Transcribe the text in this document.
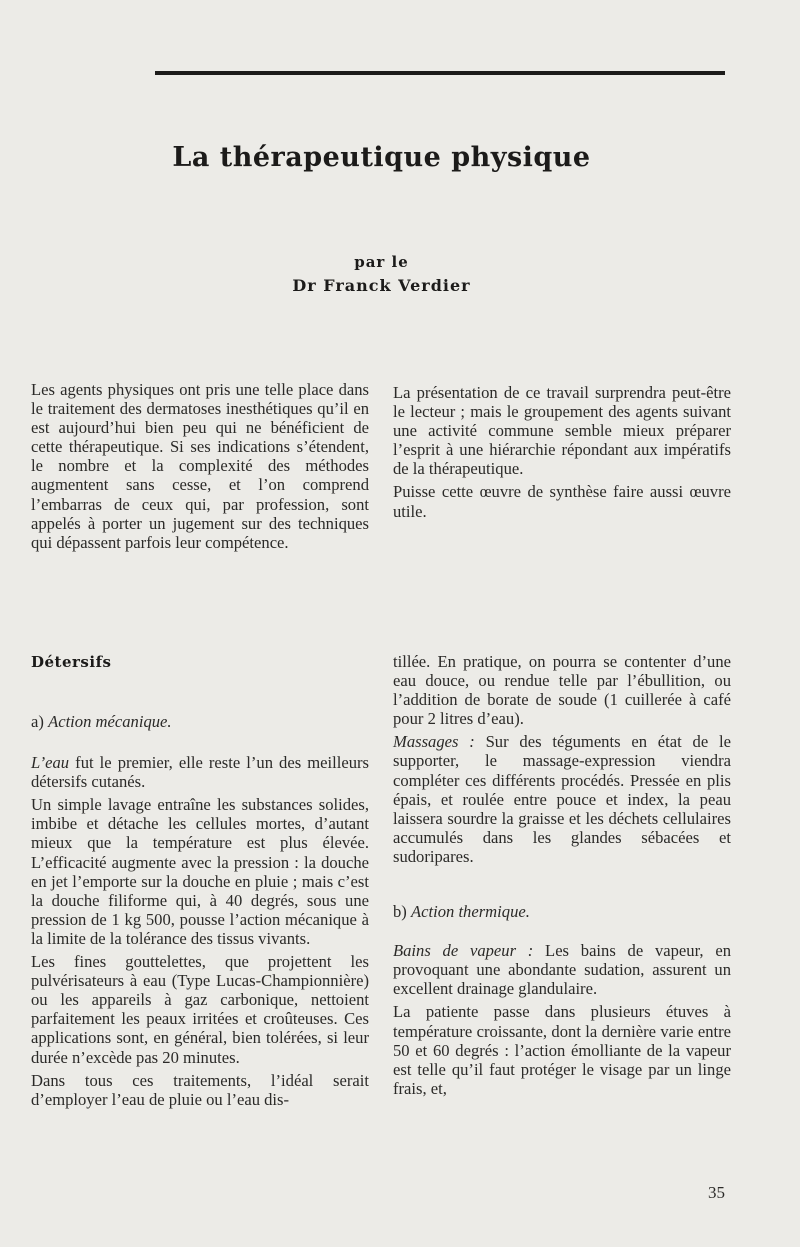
La thérapeutique physique
par le
Dr Franck Verdier

Les agents physiques ont pris une telle place dans le traitement des dermatoses inesthétiques qu’il en est aujourd’hui bien peu qui ne bénéficient de cette thérapeutique. Si ses indications s’étendent, le nombre et la complexité des méthodes augmentent sans cesse, et l’on comprend l’embarras de ceux qui, par profession, sont appelés à porter un jugement sur des techniques qui dépassent parfois leur compétence.

La présentation de ce travail surprendra peut-être le lecteur ; mais le groupement des agents suivant une activité commune semble mieux préparer l’esprit à une hiérarchie répondant aux impératifs de la thérapeutique.

Puisse cette œuvre de synthèse faire aussi œuvre utile.

Détersifs

a) Action mécanique.

L’eau fut le premier, elle reste l’un des meilleurs détersifs cutanés.

Un simple lavage entraîne les substances solides, imbibe et détache les cellules mortes, d’autant mieux que la température est plus élevée. L’efficacité augmente avec la pression : la douche en jet l’emporte sur la douche en pluie ; mais c’est la douche filiforme qui, à 40 degrés, sous une pression de 1 kg 500, pousse l’action mécanique à la limite de la tolérance des tissus vivants.

Les fines gouttelettes, que projettent les pulvérisateurs à eau (Type Lucas-Championnière) ou les appareils à gaz carbonique, nettoient parfaitement les peaux irritées et croûteuses. Ces applications sont, en général, bien tolérées, si leur durée n’excède pas 20 minutes.

Dans tous ces traitements, l’idéal serait d’employer l’eau de pluie ou l’eau dis-

tillée. En pratique, on pourra se contenter d’une eau douce, ou rendue telle par l’ébullition, ou l’addition de borate de soude (1 cuillerée à café pour 2 litres d’eau).

Massages : Sur des téguments en état de le supporter, le massage-expression viendra compléter ces différents procédés. Pressée en plis épais, et roulée entre pouce et index, la peau laissera sourdre la graisse et les déchets cellulaires accumulés dans les glandes sébacées et sudoripares.

b) Action thermique.

Bains de vapeur : Les bains de vapeur, en provoquant une abondante sudation, assurent un excellent drainage glandulaire.

La patiente passe dans plusieurs étuves à température croissante, dont la dernière varie entre 50 et 60 degrés : l’action émolliante de la vapeur est telle qu’il faut protéger le visage par un linge frais, et,

35
